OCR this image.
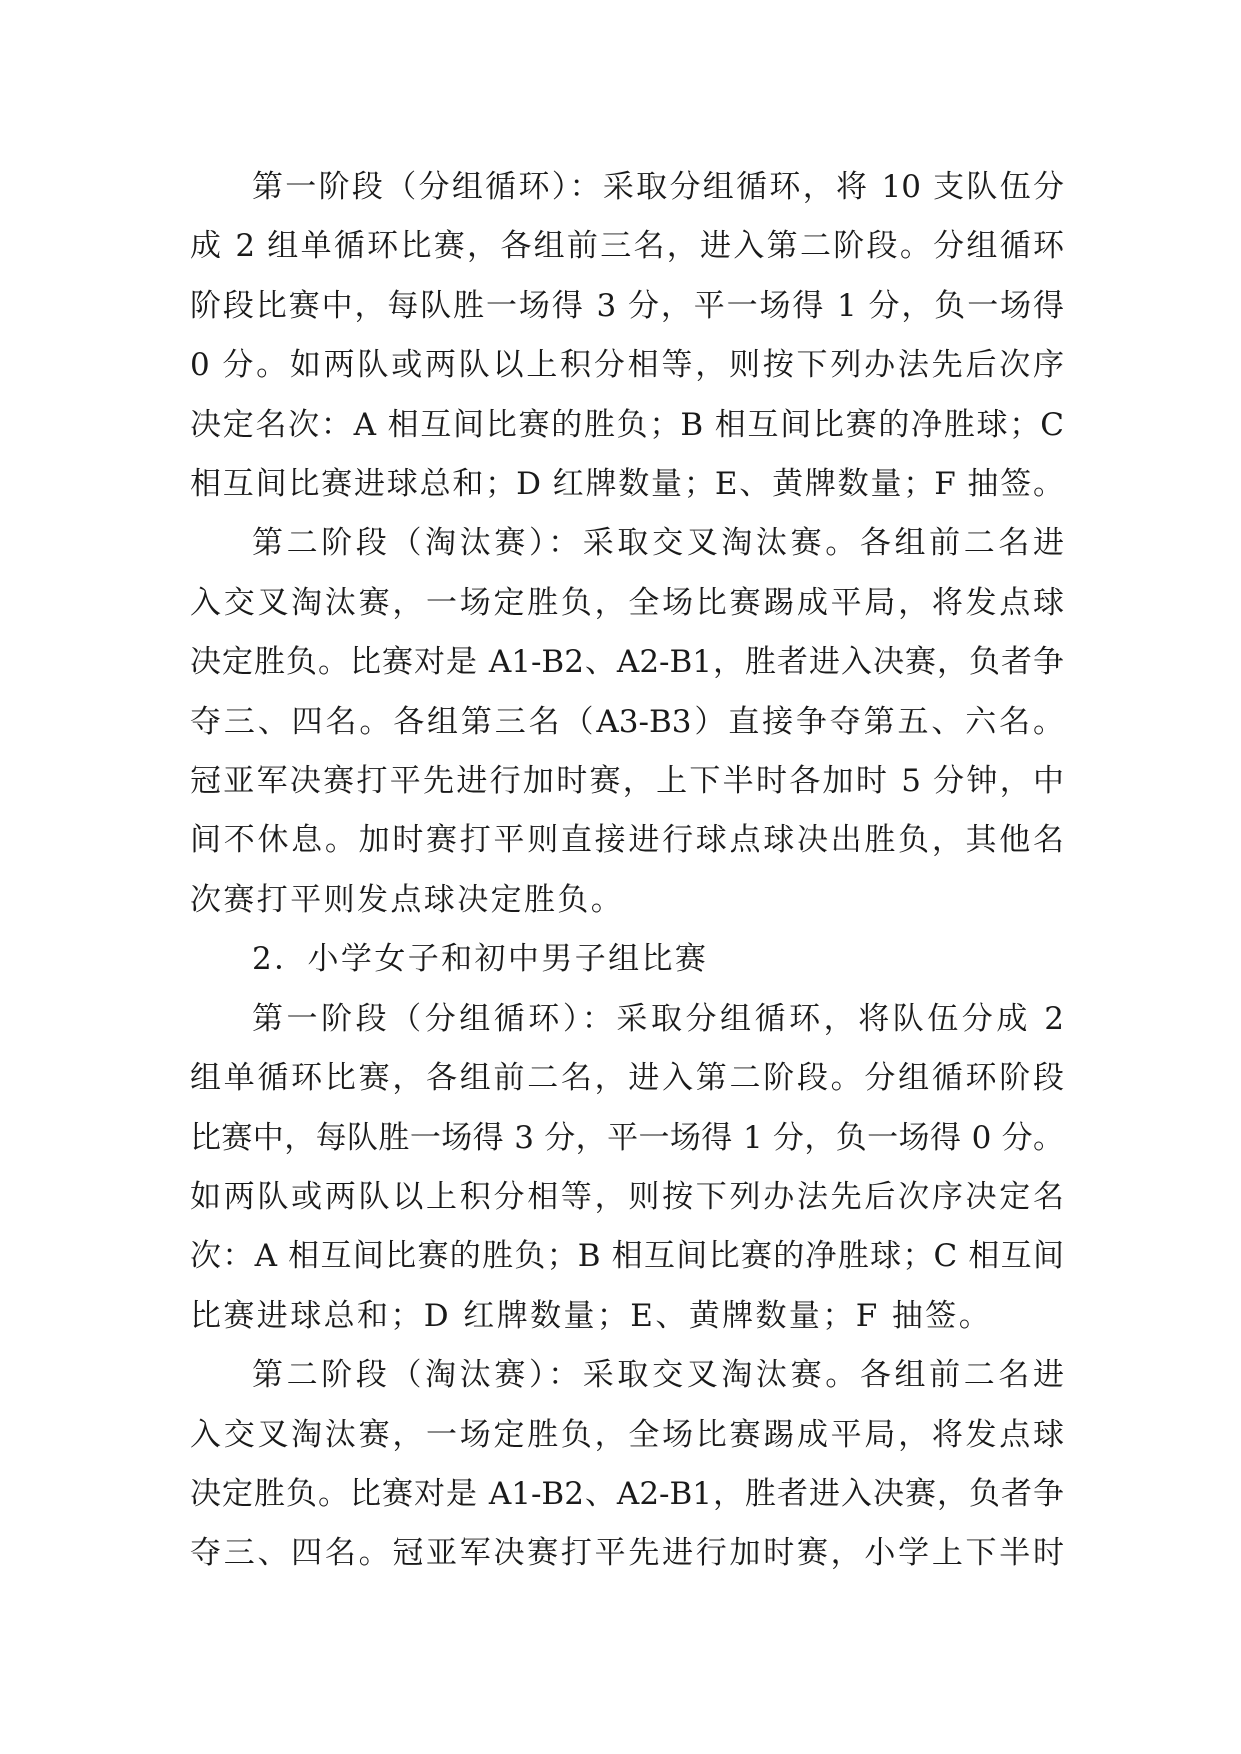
第一阶段（分组循环）：采取分组循环，将 10 支队伍分
成 2 组单循环比赛，各组前三名，进入第二阶段。分组循环
阶段比赛中，每队胜一场得 3 分，平一场得 1 分，负一场得
0 分。如两队或两队以上积分相等，则按下列办法先后次序
决定名次：A 相互间比赛的胜负；B 相互间比赛的净胜球；C
相互间比赛进球总和；D 红牌数量；E、黄牌数量；F 抽签。
第二阶段（淘汰赛）：采取交叉淘汰赛。各组前二名进
入交叉淘汰赛，一场定胜负，全场比赛踢成平局，将发点球
决定胜负。比赛对是 A1-B2、A2-B1，胜者进入决赛，负者争
夺三、四名。各组第三名（A3-B3）直接争夺第五、六名。
冠亚军决赛打平先进行加时赛，上下半时各加时 5 分钟，中
间不休息。加时赛打平则直接进行球点球决出胜负，其他名
次赛打平则发点球决定胜负。
2．小学女子和初中男子组比赛
第一阶段（分组循环）：采取分组循环，将队伍分成 2
组单循环比赛，各组前二名，进入第二阶段。分组循环阶段
比赛中，每队胜一场得 3 分，平一场得 1 分，负一场得 0 分。
如两队或两队以上积分相等，则按下列办法先后次序决定名
次：A 相互间比赛的胜负；B 相互间比赛的净胜球；C 相互间
比赛进球总和；D 红牌数量；E、黄牌数量；F 抽签。
第二阶段（淘汰赛）：采取交叉淘汰赛。各组前二名进
入交叉淘汰赛，一场定胜负，全场比赛踢成平局，将发点球
决定胜负。比赛对是 A1-B2、A2-B1，胜者进入决赛，负者争
夺三、四名。冠亚军决赛打平先进行加时赛，小学上下半时
